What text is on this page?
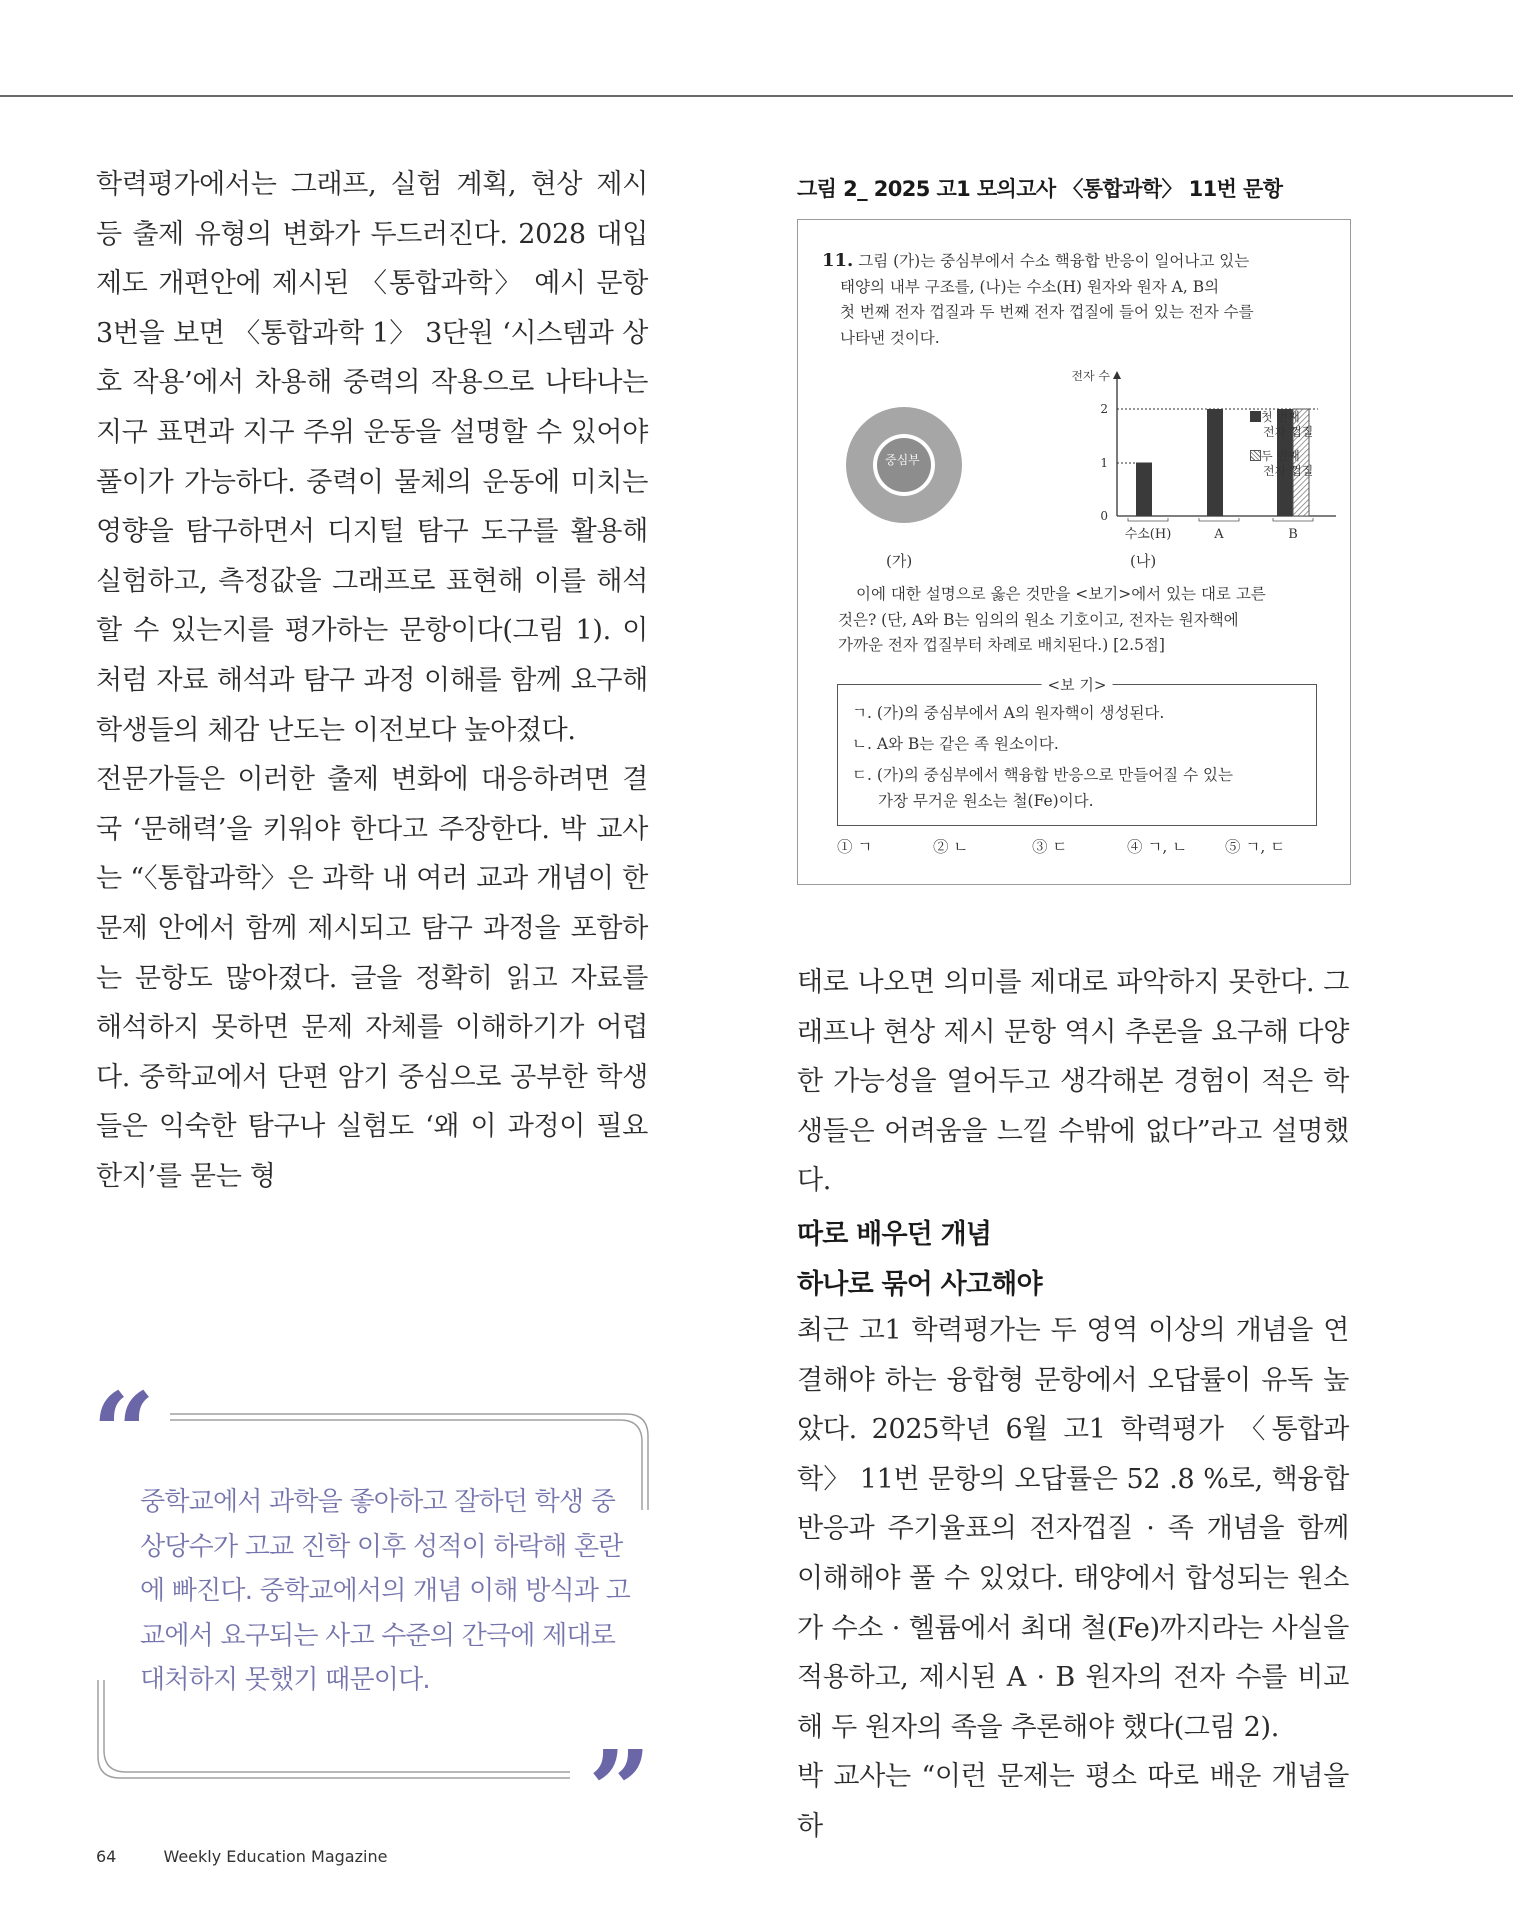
학력평가에서는 그래프, 실험 계획, 현상 제시 등 출제 유형의 변화가 두드러진다. 2028 대입 제도 개편안에 제시된 〈통합과학〉 예시 문항 3번을 보면 〈통합과학 1〉 3단원 ‘시스템과 상호 작용’에서 차용해 중력의 작용으로 나타나는 지구 표면과 지구 주위 운동을 설명할 수 있어야 풀이가 가능하다. 중력이 물체의 운동에 미치는 영향을 탐구하면서 디지털 탐구 도구를 활용해 실험하고, 측정값을 그래프로 표현해 이를 해석할 수 있는지를 평가하는 문항이다(그림 1). 이처럼 자료 해석과 탐구 과정 이해를 함께 요구해 학생들의 체감 난도는 이전보다 높아졌다.

전문가들은 이러한 출제 변화에 대응하려면 결국 ‘문해력’을 키워야 한다고 주장한다. 박 교사는 “〈통합과학〉은 과학 내 여러 교과 개념이 한 문제 안에서 함께 제시되고 탐구 과정을 포함하는 문항도 많아졌다. 글을 정확히 읽고 자료를 해석하지 못하면 문제 자체를 이해하기가 어렵다. 중학교에서 단편 암기 중심으로 공부한 학생들은 익숙한 탐구나 실험도 ‘왜 이 과정이 필요한지’를 묻는 형

그림 2_ 2025 고1 모의고사 〈통합과학〉 11번 문항

11. 그림 (가)는 중심부에서 수소 핵융합 반응이 일어나고 있는
태양의 내부 구조를, (나)는 수소(H) 원자와 원자 A, B의
첫 번째 전자 껍질과 두 번째 전자 껍질에 들어 있는 전자 수를
나타낸 것이다.

중심부
(가)
전자 수
0
1
2
수소(H)	A	B
첫 번째
전자 껍질
두 번째
전자 껍질
(나)

이에 대한 설명으로 옳은 것만을 <보기>에서 있는 대로 고른
것은? (단, A와 B는 임의의 원소 기호이고, 전자는 원자핵에
가까운 전자 껍질부터 차례로 배치된다.) [2.5점]

<보 기>
ㄱ. (가)의 중심부에서 A의 원자핵이 생성된다.
ㄴ. A와 B는 같은 족 원소이다.
ㄷ. (가)의 중심부에서 핵융합 반응으로 만들어질 수 있는
가장 무거운 원소는 철(Fe)이다.
① ㄱ	② ㄴ	③ ㄷ	④ ㄱ, ㄴ ⑤ ㄱ, ㄷ

태로 나오면 의미를 제대로 파악하지 못한다. 그래프나 현상 제시 문항 역시 추론을 요구해 다양한 가능성을 열어두고 생각해본 경험이 적은 학생들은 어려움을 느낄 수밖에 없다”라고 설명했다.

따로 배우던 개념
하나로 묶어 사고해야

최근 고1 학력평가는 두 영역 이상의 개념을 연결해야 하는 융합형 문항에서 오답률이 유독 높았다. 2025학년 6월 고1 학력평가 〈통합과학〉 11번 문항의 오답률은 52 .8 %로, 핵융합 반응과 주기율표의 전자껍질 · 족 개념을 함께 이해해야 풀 수 있었다. 태양에서 합성되는 원소가 수소 · 헬륨에서 최대 철(Fe)까지라는 사실을 적용하고, 제시된 A · B 원자의 전자 수를 비교해 두 원자의 족을 추론해야 했다(그림 2).

박 교사는 “이런 문제는 평소 따로 배운 개념을 하

“

중학교에서 과학을 좋아하고 잘하던 학생 중 상당수가 고교 진학 이후 성적이 하락해 혼란에 빠진다. 중학교에서의 개념 이해 방식과 고교에서 요구되는 사고 수준의 간극에 제대로 대처하지 못했기 때문이다.

”
64	Weekly Education Magazine
